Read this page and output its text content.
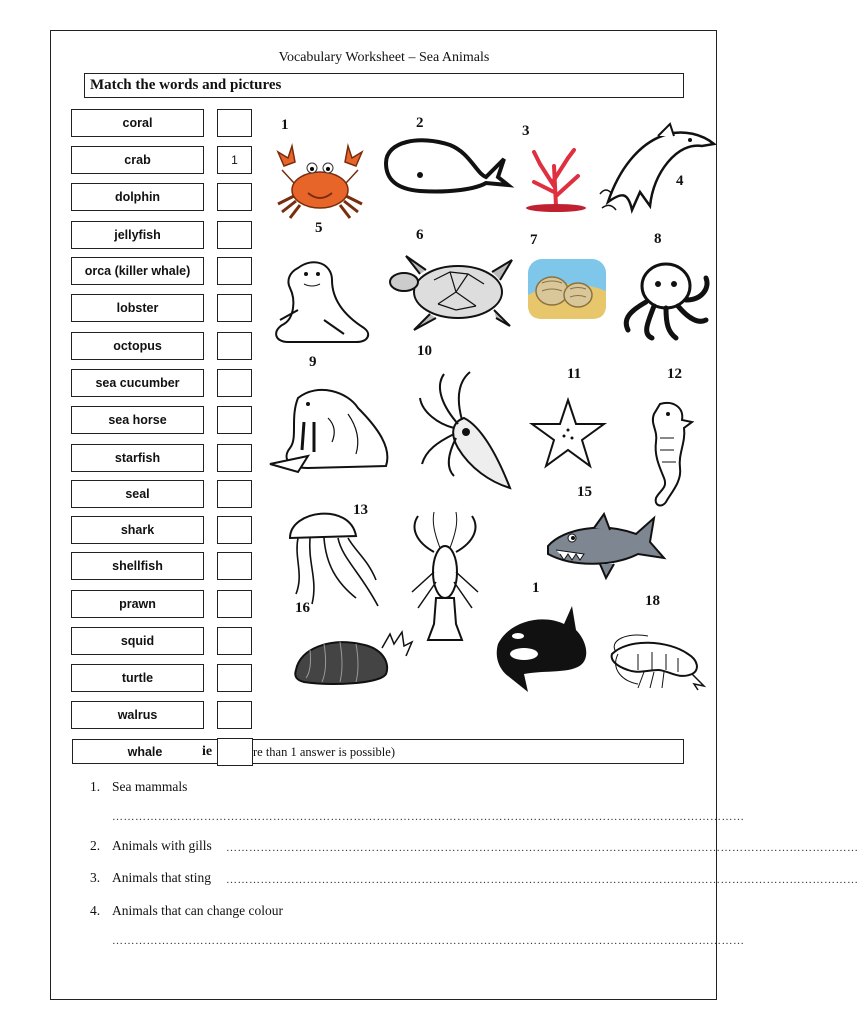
Vocabulary Worksheet – Sea Animals
Match the words and pictures
coral
crab	1
dolphin
jellyfish
orca (killer whale)
lobster
octopus
sea cucumber
sea horse
starfish
seal
shark
shellfish
prawn
squid
turtle
walrus
1	2	3
4
5	6	7	8
9
10
11	12
13
15
16
1
18

whale	ie	re than 1 answer is possible)
1. Sea mammals
…………………………………………………………………………………………………………………………………………………
2. Animals with gills …………………………………………………………………………………………………………………………………………………
3. Animals that sting …………………………………………………………………………………………………………………………………………………
4. Animals that can change colour
…………………………………………………………………………………………………………………………………………………
